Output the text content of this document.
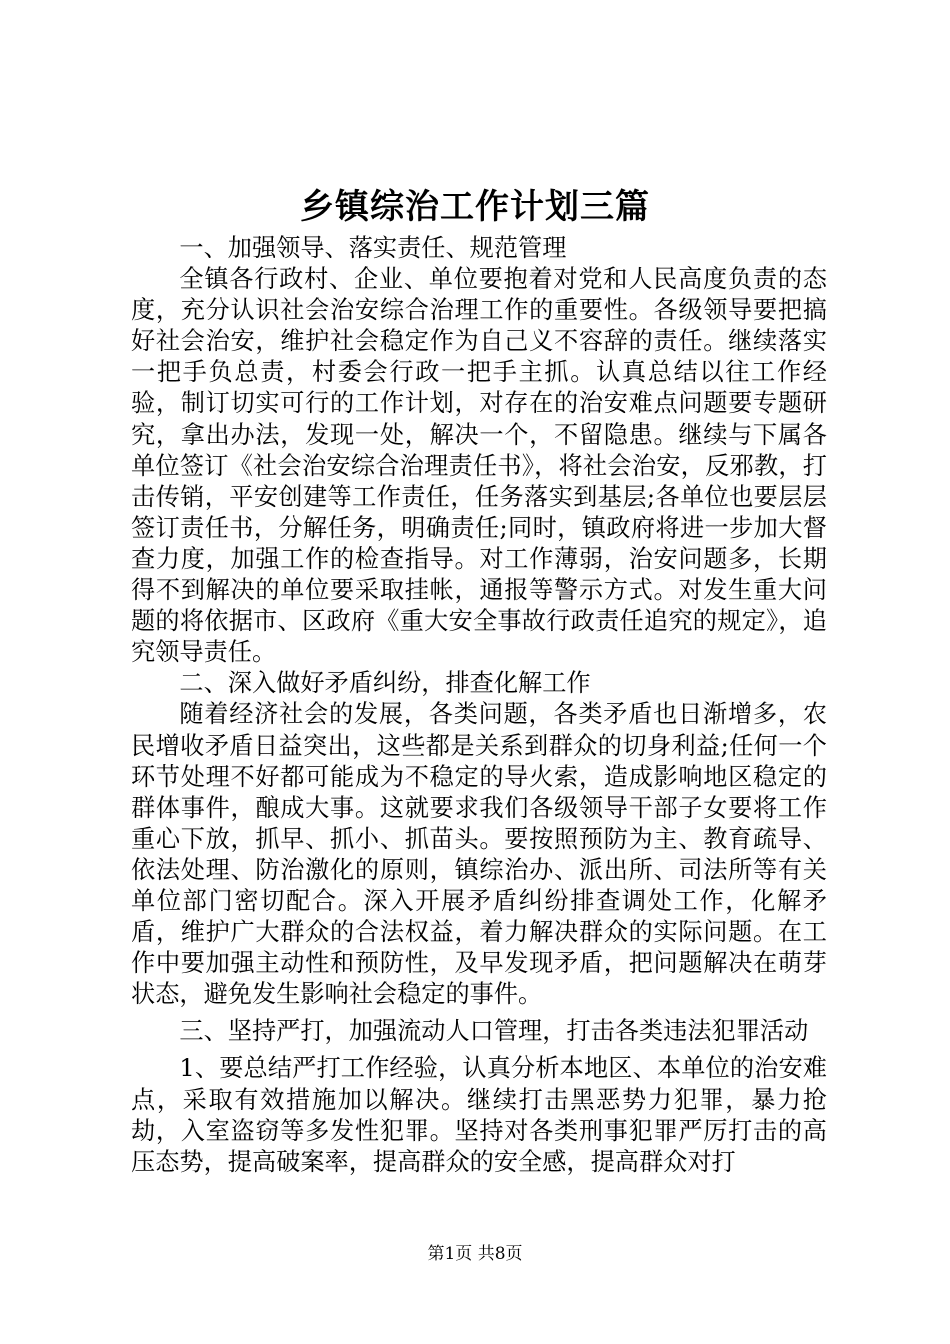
乡镇综治工作计划三篇

一、加强领导、落实责任、规范管理

全镇各行政村、企业、单位要抱着对党和人民高度负责的态度，充分认识社会治安综合治理工作的重要性。各级领导要把搞好社会治安，维护社会稳定作为自己义不容辞的责任。继续落实一把手负总责，村委会行政一把手主抓。认真总结以往工作经验，制订切实可行的工作计划，对存在的治安难点问题要专题研究，拿出办法，发现一处，解决一个，不留隐患。继续与下属各单位签订《社会治安综合治理责任书》，将社会治安，反邪教，打击传销，平安创建等工作责任，任务落实到基层;各单位也要层层签订责任书，分解任务，明确责任;同时，镇政府将进一步加大督查力度，加强工作的检查指导。对工作薄弱，治安问题多，长期得不到解决的单位要采取挂帐，通报等警示方式。对发生重大问题的将依据市、区政府《重大安全事故行政责任追究的规定》，追究领导责任。

二、深入做好矛盾纠纷，排查化解工作

随着经济社会的发展，各类问题，各类矛盾也日渐增多，农民增收矛盾日益突出，这些都是关系到群众的切身利益;任何一个环节处理不好都可能成为不稳定的导火索，造成影响地区稳定的群体事件，酿成大事。这就要求我们各级领导干部子女要将工作重心下放，抓早、抓小、抓苗头。要按照预防为主、教育疏导、依法处理、防治激化的原则，镇综治办、派出所、司法所等有关单位部门密切配合。深入开展矛盾纠纷排查调处工作，化解矛盾，维护广大群众的合法权益，着力解决群众的实际问题。在工作中要加强主动性和预防性，及早发现矛盾，把问题解决在萌芽状态，避免发生影响社会稳定的事件。

三、坚持严打，加强流动人口管理，打击各类违法犯罪活动

1、要总结严打工作经验，认真分析本地区、本单位的治安难点，采取有效措施加以解决。继续打击黑恶势力犯罪，暴力抢劫，入室盗窃等多发性犯罪。坚持对各类刑事犯罪严厉打击的高压态势，提高破案率，提高群众的安全感，提高群众对打

第1页 共8页
